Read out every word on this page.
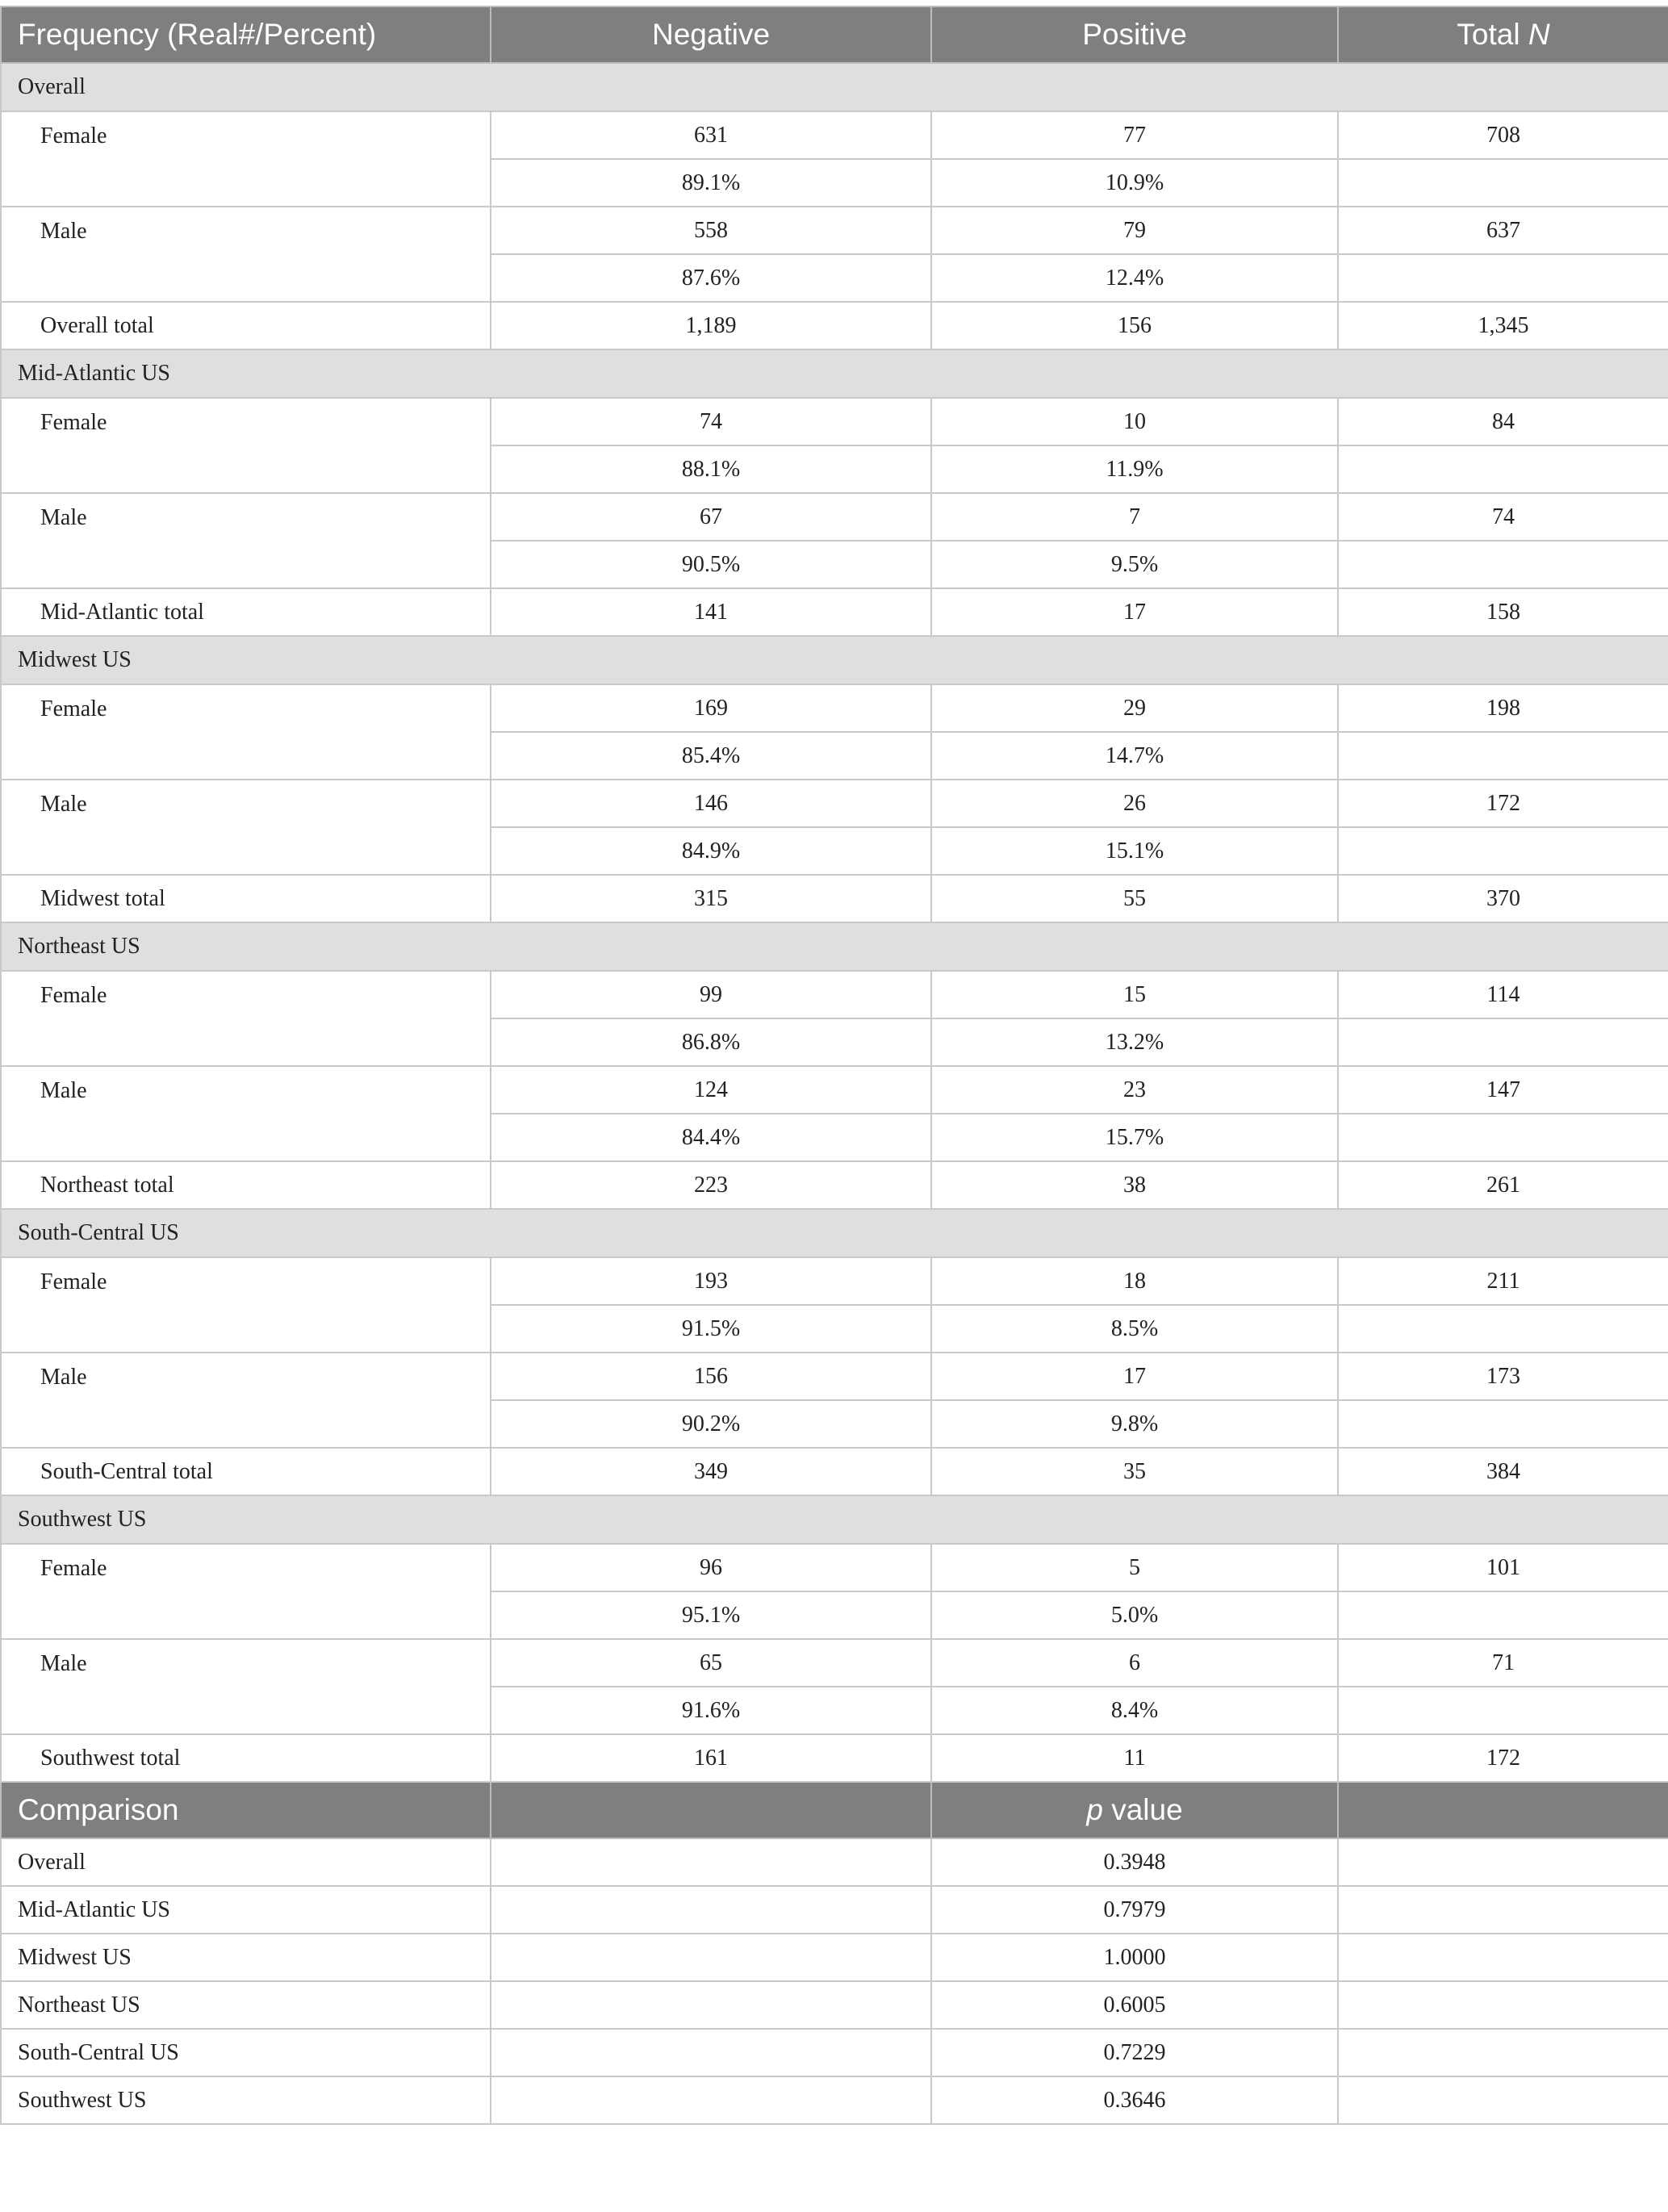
Frequency (Real#/Percent)	Negative	Positive	Total N
Overall			
Female	631	77	708
	89.1%	10.9%	
Male	558	79	637
	87.6%	12.4%	
Overall total	1,189	156	1,345
Mid-Atlantic US			
Female	74	10	84
	88.1%	11.9%	
Male	67	7	74
	90.5%	9.5%	
Mid-Atlantic total	141	17	158
Midwest US			
Female	169	29	198
	85.4%	14.7%	
Male	146	26	172
	84.9%	15.1%	
Midwest total	315	55	370
Northeast US			
Female	99	15	114
	86.8%	13.2%	
Male	124	23	147
	84.4%	15.7%	
Northeast total	223	38	261
South-Central US			
Female	193	18	211
	91.5%	8.5%	
Male	156	17	173
	90.2%	9.8%	
South-Central total	349	35	384
Southwest US			
Female	96	5	101
	95.1%	5.0%	
Male	65	6	71
	91.6%	8.4%	
Southwest total	161	11	172
Comparison		p value	
Overall		0.3948	
Mid-Atlantic US		0.7979	
Midwest US		1.0000	
Northeast US		0.6005	
South-Central US		0.7229	
Southwest US		0.3646	
